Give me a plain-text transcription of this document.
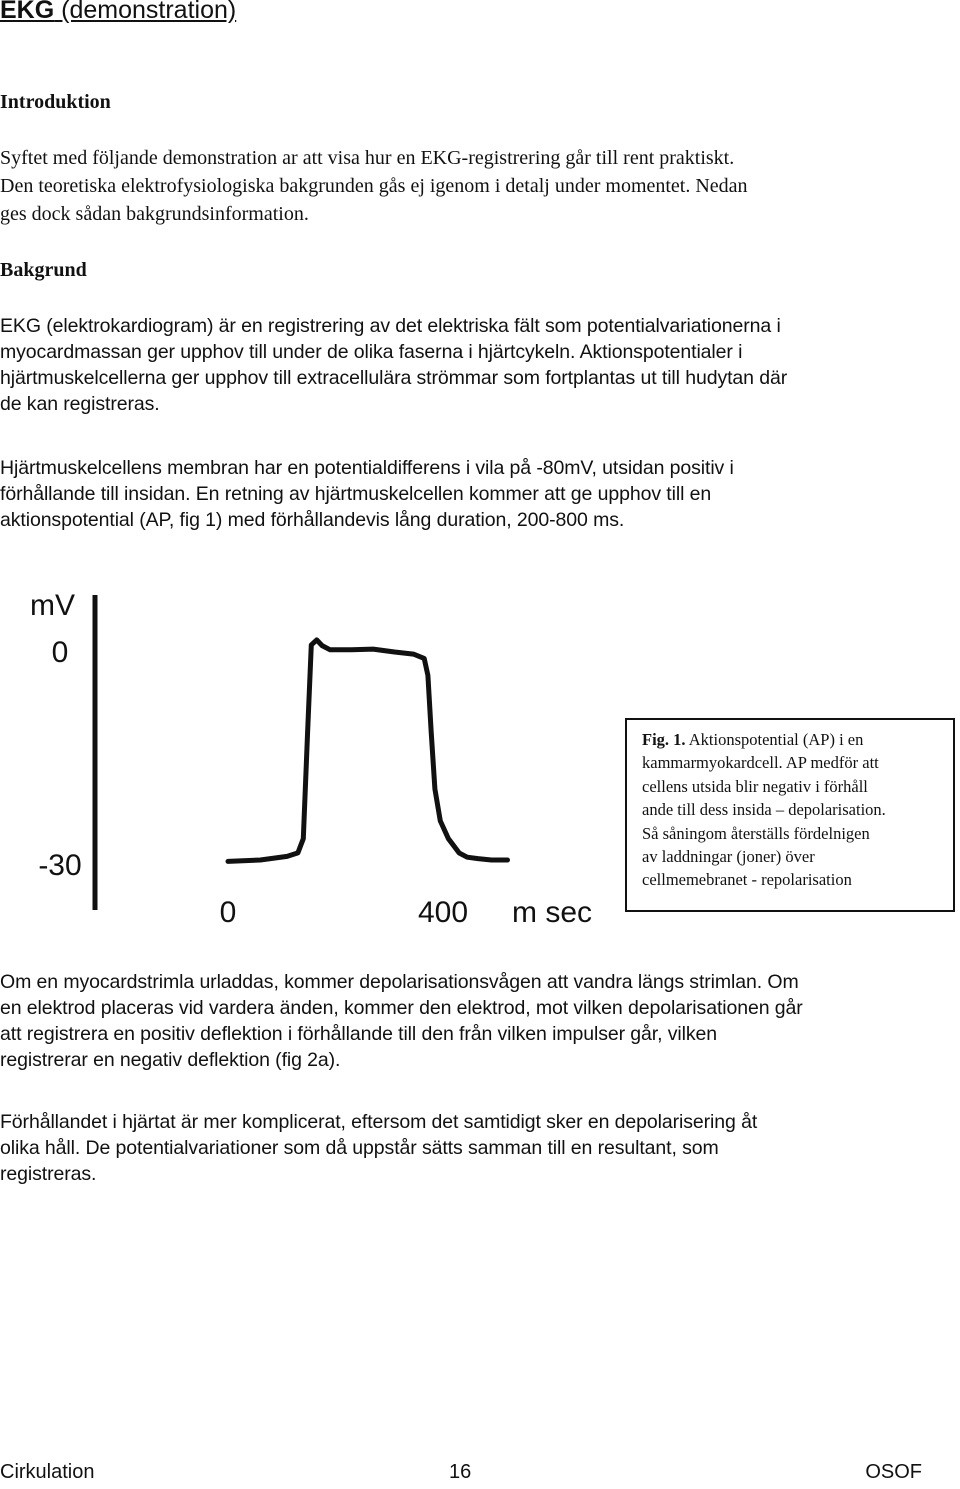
EKG (demonstration)
Introduktion
Syftet med följande demonstration ar att visa hur en EKG-registrering går till rent praktiskt.
Den teoretiska elektrofysiologiska bakgrunden gås ej igenom i detalj under momentet. Nedan
ges dock sådan bakgrundsinformation.
Bakgrund
EKG (elektrokardiogram) är en registrering av det elektriska fält som potentialvariationerna i
myocardmassan ger upphov till under de olika faserna i hjärtcykeln. Aktionspotentialer i
hjärtmuskelcellerna ger upphov till extracellulära strömmar som fortplantas ut till hudytan där
de kan registreras.
Hjärtmuskelcellens membran har en potentialdifferens i vila på -80mV, utsidan positiv i
förhållande till insidan. En retning av hjärtmuskelcellen kommer att ge upphov till en
aktionspotential (AP, fig 1) med förhållandevis lång duration, 200-800 ms.
mV
0
-30
0	400 m sec
Fig. 1. Aktionspotential (AP) i en
kammarmyokardcell. AP medför att
cellens utsida blir negativ i förhåll
ande till dess insida – depolarisation.
Så såningom återställs fördelnigen
av laddningar (joner) över
cellmemebranet - repolarisation
Om en myocardstrimla urladdas, kommer depolarisationsvågen att vandra längs strimlan. Om
en elektrod placeras vid vardera änden, kommer den elektrod, mot vilken depolarisationen går
att registrera en positiv deflektion i förhållande till den från vilken impulser går, vilken
registrerar en negativ deflektion (fig 2a).
Förhållandet i hjärtat är mer komplicerat, eftersom det samtidigt sker en depolarisering åt
olika håll. De potentialvariationer som då uppstår sätts samman till en resultant, som
registreras.
Cirkulation	16	OSOF
